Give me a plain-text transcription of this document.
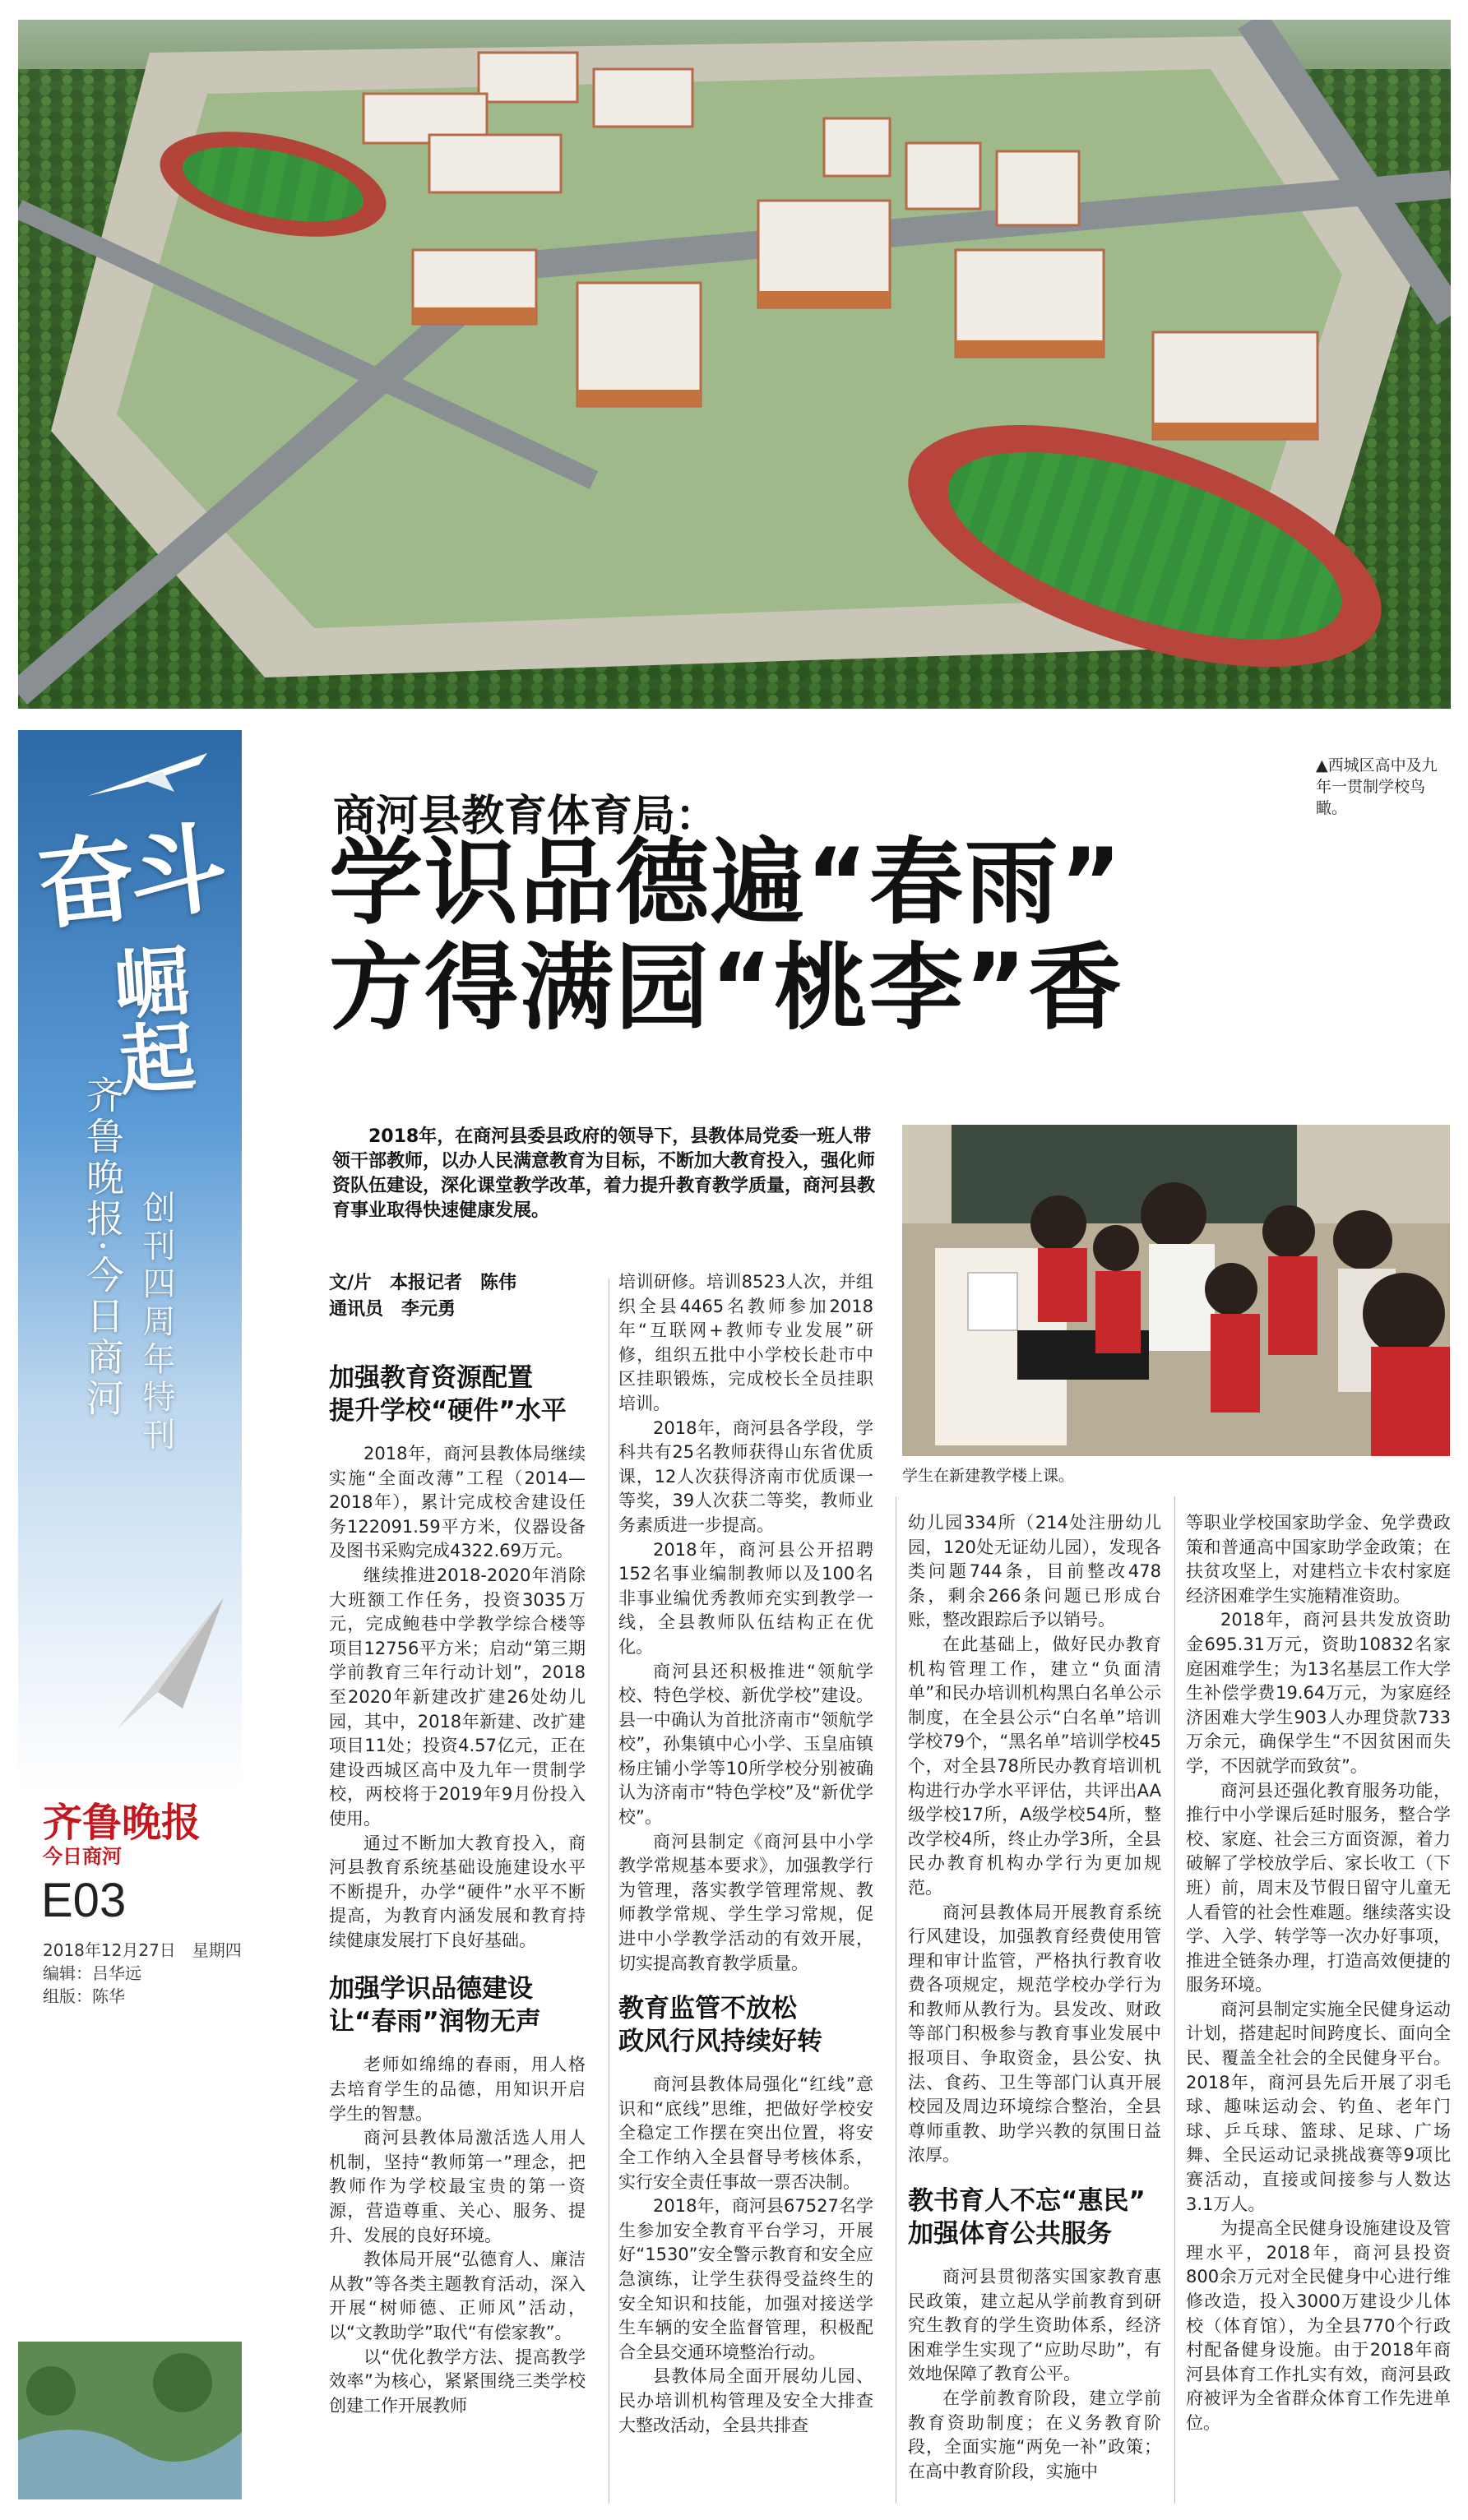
奋斗
崛起
齐鲁晚报·今日商河 创刊四周年特刊
齐鲁晚报
今日商河
E03
2018年12月27日　星期四
编辑：吕华远
组版：陈华
▲西城区高中及九年一贯制学校鸟瞰。
商河县教育体育局：
学识品德遍“春雨”
方得满园“桃李”香
2018年，在商河县委县政府的领导下，县教体局党委一班人带领干部教师，以办人民满意教育为目标，不断加大教育投入，强化师资队伍建设，深化课堂教学改革，着力提升教育教学质量，商河县教育事业取得快速健康发展。
文/片　本报记者　陈伟
通讯员　李元勇
学生在新建教学楼上课。
加强教育资源配置
提升学校“硬件”水平

2018年，商河县教体局继续实施“全面改薄”工程（2014—2018年），累计完成校舍建设任务122091.59平方米，仪器设备及图书采购完成4322.69万元。

继续推进2018-2020年消除大班额工作任务，投资3035万元，完成鲍巷中学教学综合楼等项目12756平方米；启动“第三期学前教育三年行动计划”，2018至2020年新建改扩建26处幼儿园，其中，2018年新建、改扩建项目11处；投资4.57亿元，正在建设西城区高中及九年一贯制学校，两校将于2019年9月份投入使用。

通过不断加大教育投入，商河县教育系统基础设施建设水平不断提升，办学“硬件”水平不断提高，为教育内涵发展和教育持续健康发展打下良好基础。

加强学识品德建设
让“春雨”润物无声

老师如绵绵的春雨，用人格去培育学生的品德，用知识开启学生的智慧。

商河县教体局激活选人用人机制，坚持“教师第一”理念，把教师作为学校最宝贵的第一资源，营造尊重、关心、服务、提升、发展的良好环境。

教体局开展“弘德育人、廉洁从教”等各类主题教育活动，深入开展“树师德、正师风”活动，以“文教助学”取代“有偿家教”。

以“优化教学方法、提高教学效率”为核心，紧紧围绕三类学校创建工作开展教师

培训研修。培训8523人次，并组织全县4465名教师参加2018年“互联网+教师专业发展”研修，组织五批中小学校长赴市中区挂职锻炼，完成校长全员挂职培训。

2018年，商河县各学段，学科共有25名教师获得山东省优质课，12人次获得济南市优质课一等奖，39人次获二等奖，教师业务素质进一步提高。

2018年，商河县公开招聘152名事业编制教师以及100名非事业编优秀教师充实到教学一线，全县教师队伍结构正在优化。

商河县还积极推进“领航学校、特色学校、新优学校”建设。县一中确认为首批济南市“领航学校”，孙集镇中心小学、玉皇庙镇杨庄铺小学等10所学校分别被确认为济南市“特色学校”及“新优学校”。

商河县制定《商河县中小学教学常规基本要求》，加强教学行为管理，落实教学管理常规、教师教学常规、学生学习常规，促进中小学教学活动的有效开展，切实提高教育教学质量。

教育监管不放松
政风行风持续好转

商河县教体局强化“红线”意识和“底线”思维，把做好学校安全稳定工作摆在突出位置，将安全工作纳入全县督导考核体系，实行安全责任事故一票否决制。

2018年，商河县67527名学生参加安全教育平台学习，开展好“1530”安全警示教育和安全应急演练，让学生获得受益终生的安全知识和技能，加强对接送学生车辆的安全监督管理，积极配合全县交通环境整治行动。

县教体局全面开展幼儿园、民办培训机构管理及安全大排查大整改活动，全县共排查

幼儿园334所（214处注册幼儿园，120处无证幼儿园），发现各类问题744条，目前整改478条，剩余266条问题已形成台账，整改跟踪后予以销号。

在此基础上，做好民办教育机构管理工作，建立“负面清单”和民办培训机构黑白名单公示制度，在全县公示“白名单”培训学校79个，“黑名单”培训学校45个，对全县78所民办教育培训机构进行办学水平评估，共评出AA级学校17所，A级学校54所，整改学校4所，终止办学3所，全县民办教育机构办学行为更加规范。

商河县教体局开展教育系统行风建设，加强教育经费使用管理和审计监管，严格执行教育收费各项规定，规范学校办学行为和教师从教行为。县发改、财政等部门积极参与教育事业发展中报项目、争取资金，县公安、执法、食药、卫生等部门认真开展校园及周边环境综合整治，全县尊师重教、助学兴教的氛围日益浓厚。

教书育人不忘“惠民”
加强体育公共服务

商河县贯彻落实国家教育惠民政策，建立起从学前教育到研究生教育的学生资助体系，经济困难学生实现了“应助尽助”，有效地保障了教育公平。

在学前教育阶段，建立学前教育资助制度；在义务教育阶段，全面实施“两免一补”政策；在高中教育阶段，实施中

等职业学校国家助学金、免学费政策和普通高中国家助学金政策；在扶贫攻坚上，对建档立卡农村家庭经济困难学生实施精准资助。

2018年，商河县共发放资助金695.31万元，资助10832名家庭困难学生；为13名基层工作大学生补偿学费19.64万元，为家庭经济困难大学生903人办理贷款733万余元，确保学生“不因贫困而失学，不因就学而致贫”。

商河县还强化教育服务功能，推行中小学课后延时服务，整合学校、家庭、社会三方面资源，着力破解了学校放学后、家长收工（下班）前，周末及节假日留守儿童无人看管的社会性难题。继续落实设学、入学、转学等一次办好事项，推进全链条办理，打造高效便捷的服务环境。

商河县制定实施全民健身运动计划，搭建起时间跨度长、面向全民、覆盖全社会的全民健身平台。2018年，商河县先后开展了羽毛球、趣味运动会、钓鱼、老年门球、乒乓球、篮球、足球、广场舞、全民运动记录挑战赛等9项比赛活动，直接或间接参与人数达3.1万人。

为提高全民健身设施建设及管理水平，2018年，商河县投资800余万元对全民健身中心进行维修改造，投入3000万建设少儿体校（体育馆），为全县770个行政村配备健身设施。由于2018年商河县体育工作扎实有效，商河县政府被评为全省群众体育工作先进单位。
